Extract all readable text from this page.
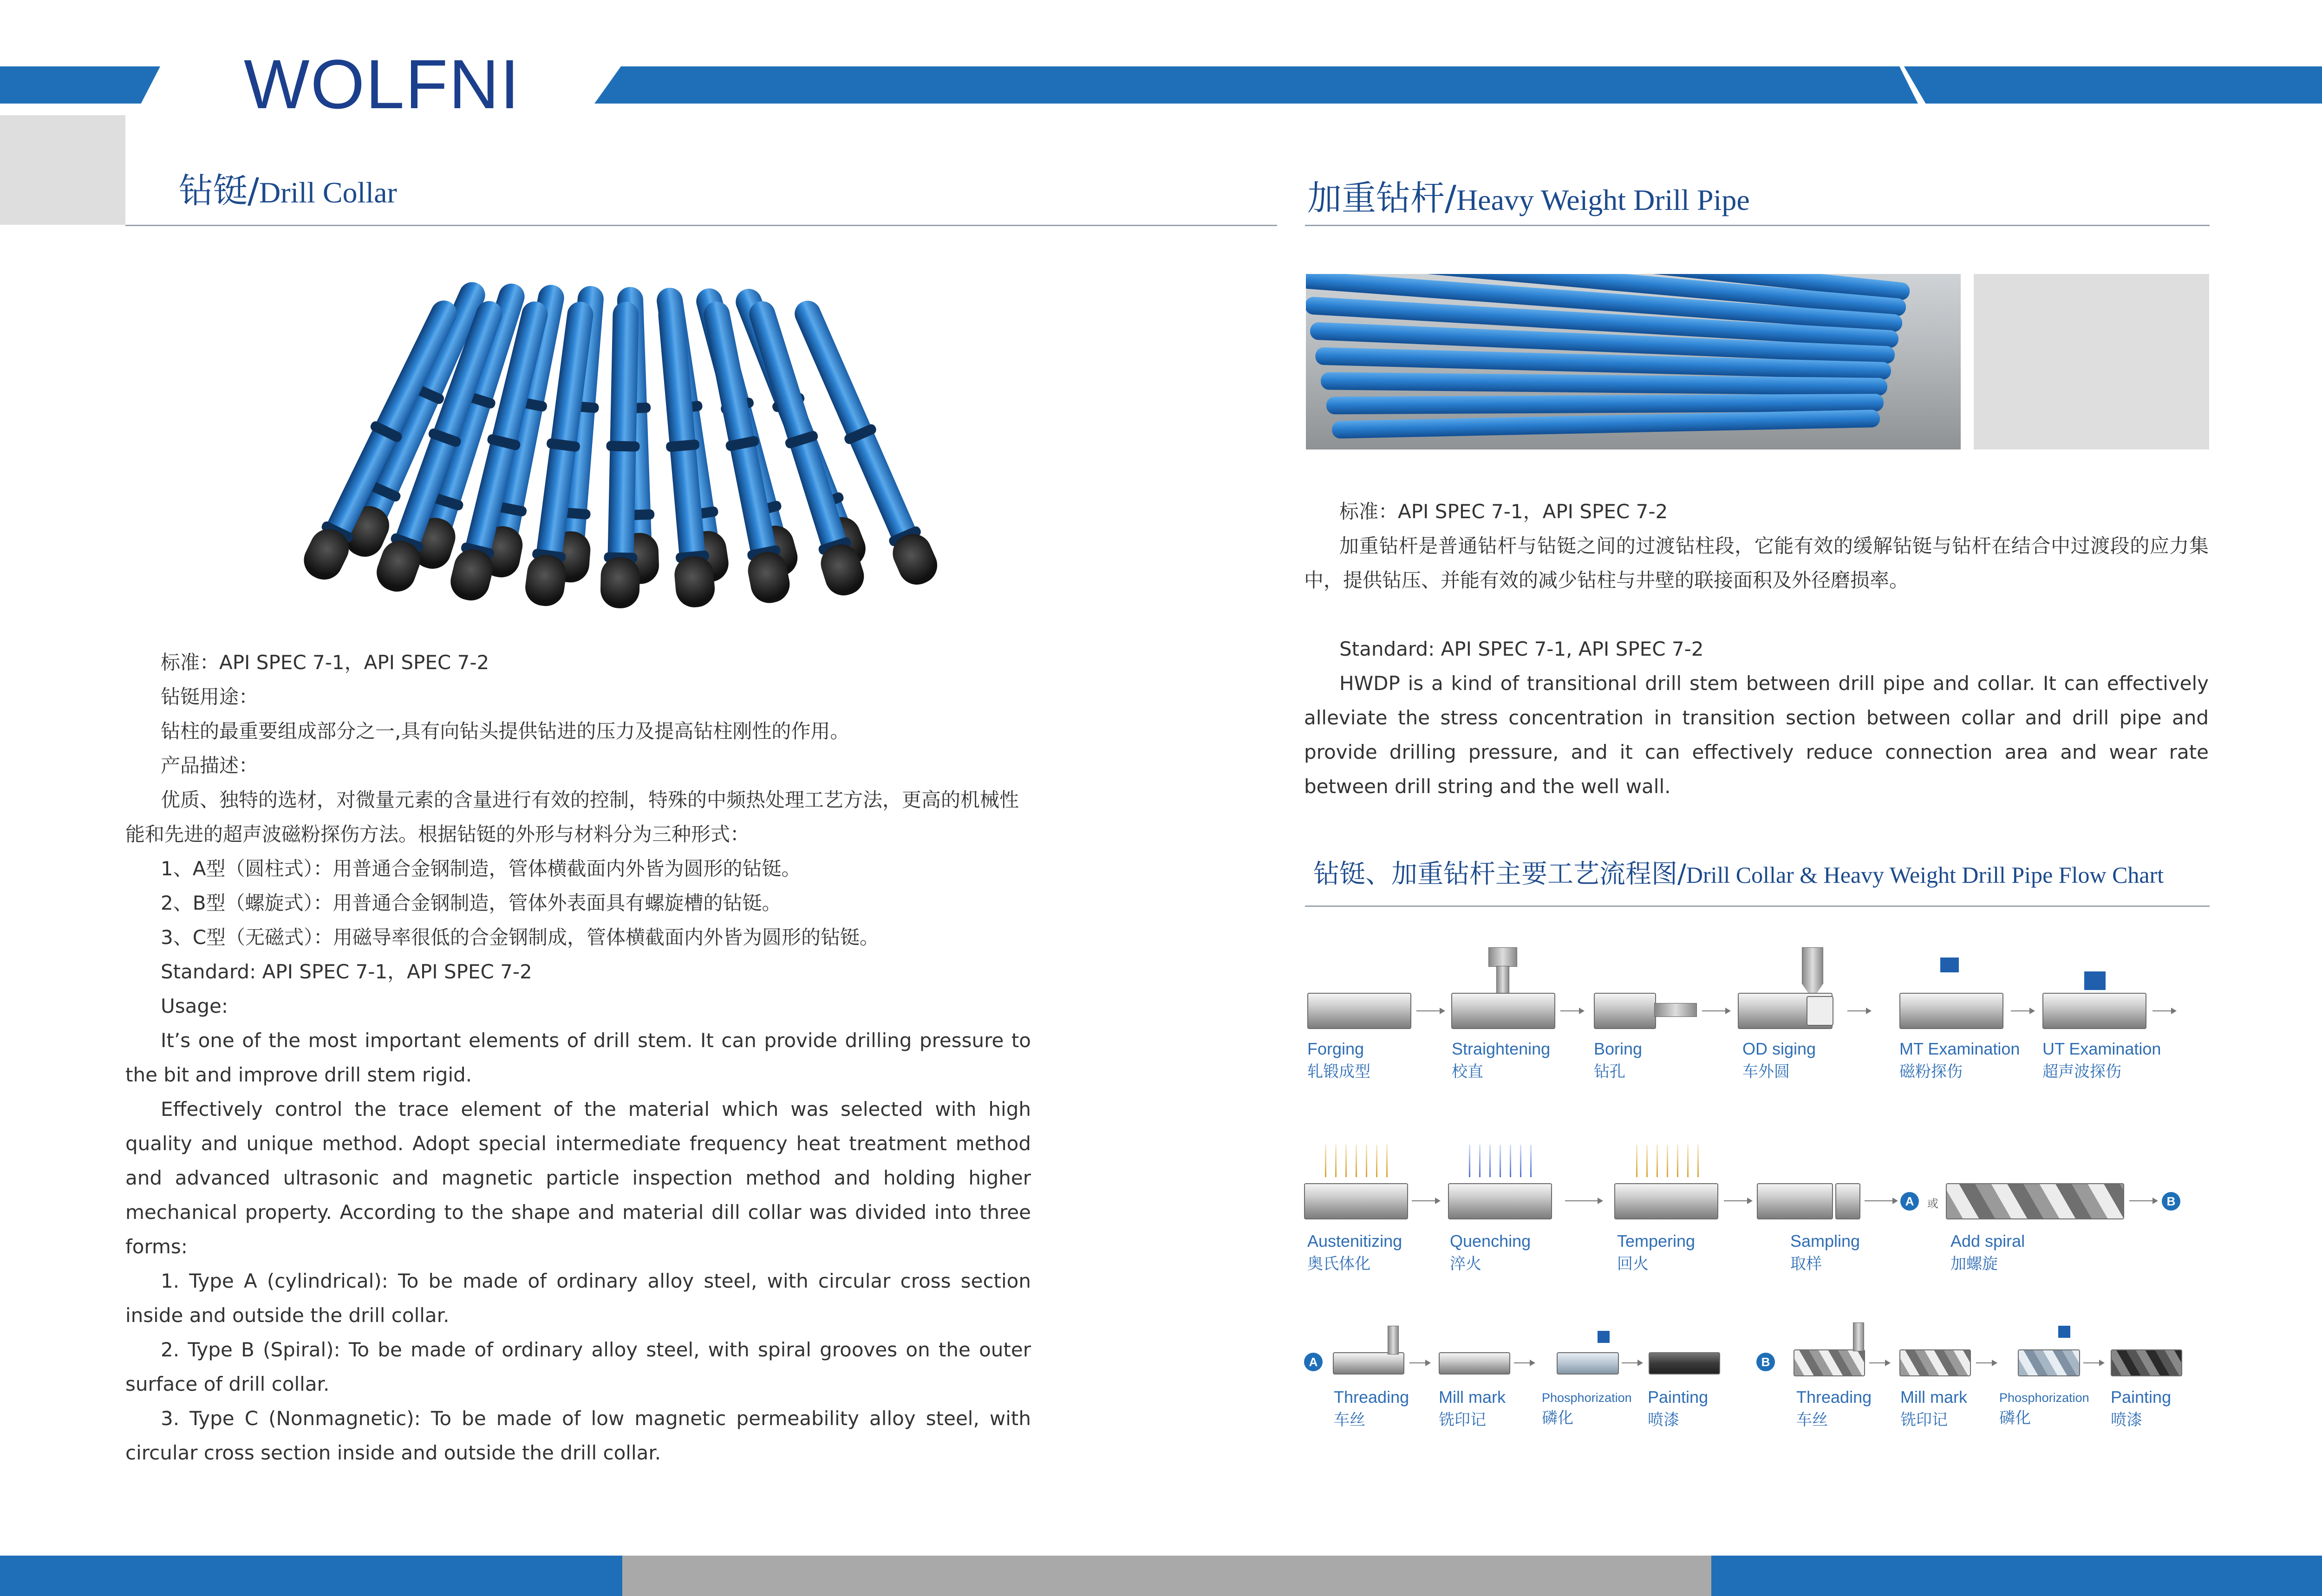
WOLFNI
钻铤/Drill Collar

标准：API SPEC 7-1，API SPEC 7-2

钻铤用途：

钻柱的最重要组成部分之一,具有向钻头提供钻进的压力及提高钻柱刚性的作用。

产品描述：

优质、独特的选材，对微量元素的含量进行有效的控制，特殊的中频热处理工艺方法，更高的机械性能和先进的超声波磁粉探伤方法。根据钻铤的外形与材料分为三种形式：

1、A型（圆柱式）：用普通合金钢制造，管体横截面内外皆为圆形的钻铤。

2、B型（螺旋式）：用普通合金钢制造，管体外表面具有螺旋槽的钻铤。

3、C型（无磁式）：用磁导率很低的合金钢制成，管体横截面内外皆为圆形的钻铤。

Standard: API SPEC 7-1，API SPEC 7-2

Usage:

It’s one of the most important elements of drill stem. It can provide drilling pressure to the bit and improve drill stem rigid.

Effectively control the trace element of the material which was selected with high quality and unique method. Adopt special intermediate frequency heat treatment method and advanced ultrasonic and magnetic particle inspection method and holding higher mechanical property. According to the shape and material dill collar was divided into three forms:

1. Type A (cylindrical): To be made of ordinary alloy steel, with circular cross section inside and outside the drill collar.

2. Type B (Spiral): To be made of ordinary alloy steel, with spiral grooves on the outer surface of drill collar.

3. Type C (Nonmagnetic): To be made of low magnetic permeability alloy steel, with circular cross section inside and outside the drill collar.

加重钻杆/Heavy Weight Drill Pipe

标准：API SPEC 7-1，API SPEC 7-2

加重钻杆是普通钻杆与钻铤之间的过渡钻柱段，它能有效的缓解钻铤与钻杆在结合中过渡段的应力集中，提供钻压、并能有效的减少钻柱与井壁的联接面积及外径磨损率。

Standard: API SPEC 7-1, API SPEC 7-2

HWDP is a kind of transitional drill stem between drill pipe and collar. It can effectively alleviate the stress concentration in transition section between collar and drill pipe and provide drilling pressure, and it can effectively reduce connection area and wear rate between drill string and the well wall.

钻铤、加重钻杆主要工艺流程图/Drill Collar & Heavy Weight Drill Pipe Flow Chart
Forging
轧锻成型
Straightening
校直
Boring
钻孔
OD siging
车外圆
MT Examination
磁粉探伤
UT Examination
超声波探伤
A	或	B
Austenitizing
奥氏体化
Quenching
淬火
Tempering
回火
Sampling
取样
Add spiral
加螺旋
A
Threading
车丝
Mill mark
铣印记
Phosphorization
磷化
Painting
喷漆
B
Threading
车丝
Mill mark
铣印记
Phosphorization
磷化
Painting
喷漆
